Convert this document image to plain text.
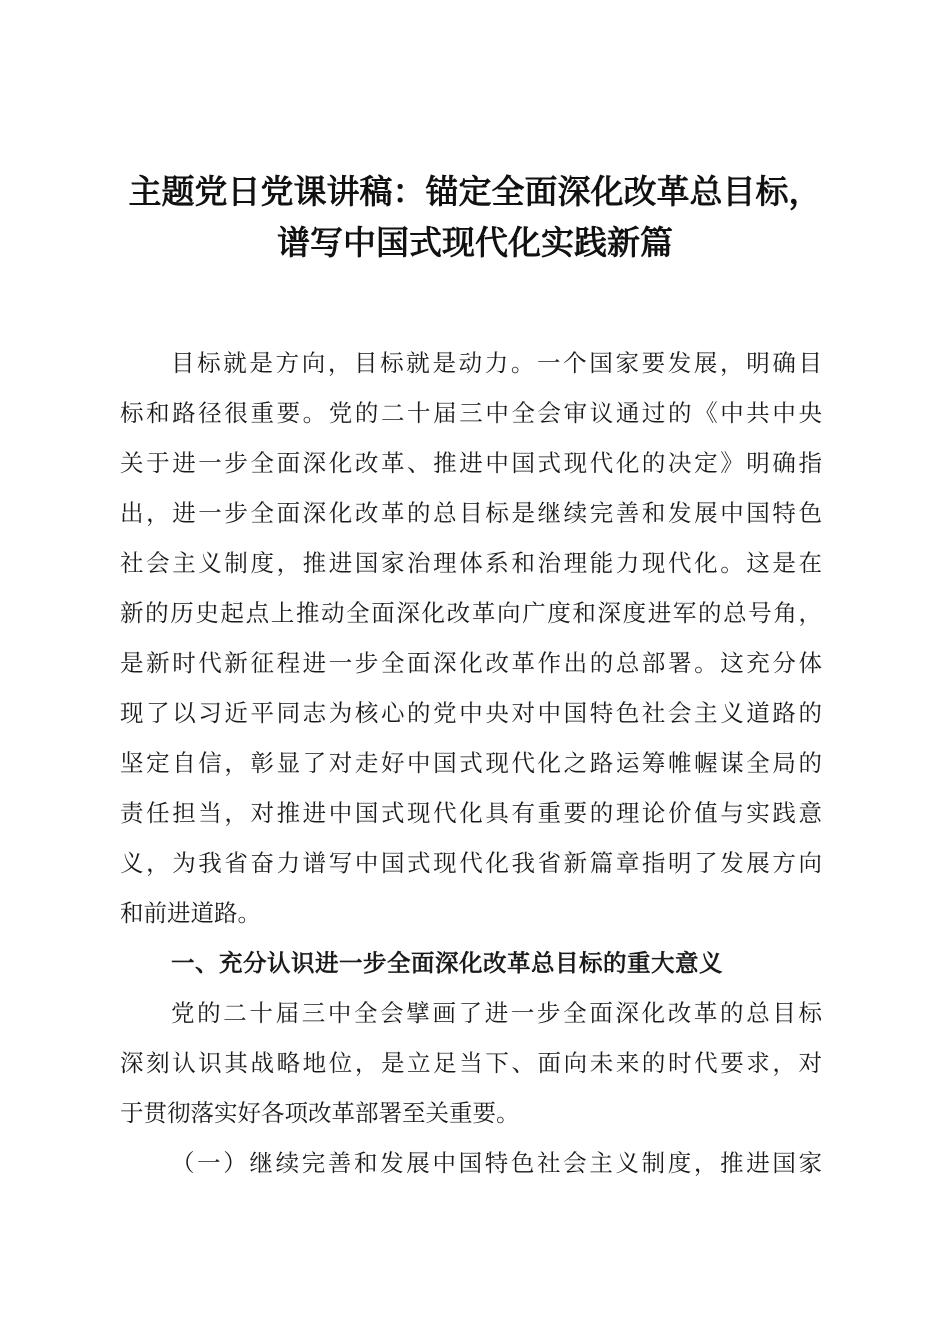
主题党日党课讲稿：锚定全面深化改革总目标，
谱写中国式现代化实践新篇
目标就是方向，目标就是动力。一个国家要发展，明确目
标和路径很重要。党的二十届三中全会审议通过的《中共中央
关于进一步全面深化改革、推进中国式现代化的决定》明确指
出，进一步全面深化改革的总目标是继续完善和发展中国特色
社会主义制度，推进国家治理体系和治理能力现代化。这是在
新的历史起点上推动全面深化改革向广度和深度进军的总号角，
是新时代新征程进一步全面深化改革作出的总部署。这充分体
现了以习近平同志为核心的党中央对中国特色社会主义道路的
坚定自信，彰显了对走好中国式现代化之路运筹帷幄谋全局的
责任担当，对推进中国式现代化具有重要的理论价值与实践意
义，为我省奋力谱写中国式现代化我省新篇章指明了发展方向
和前进道路。
一、充分认识进一步全面深化改革总目标的重大意义
党的二十届三中全会擘画了进一步全面深化改革的总目标
深刻认识其战略地位，是立足当下、面向未来的时代要求，对
于贯彻落实好各项改革部署至关重要。
（一）继续完善和发展中国特色社会主义制度，推进国家
